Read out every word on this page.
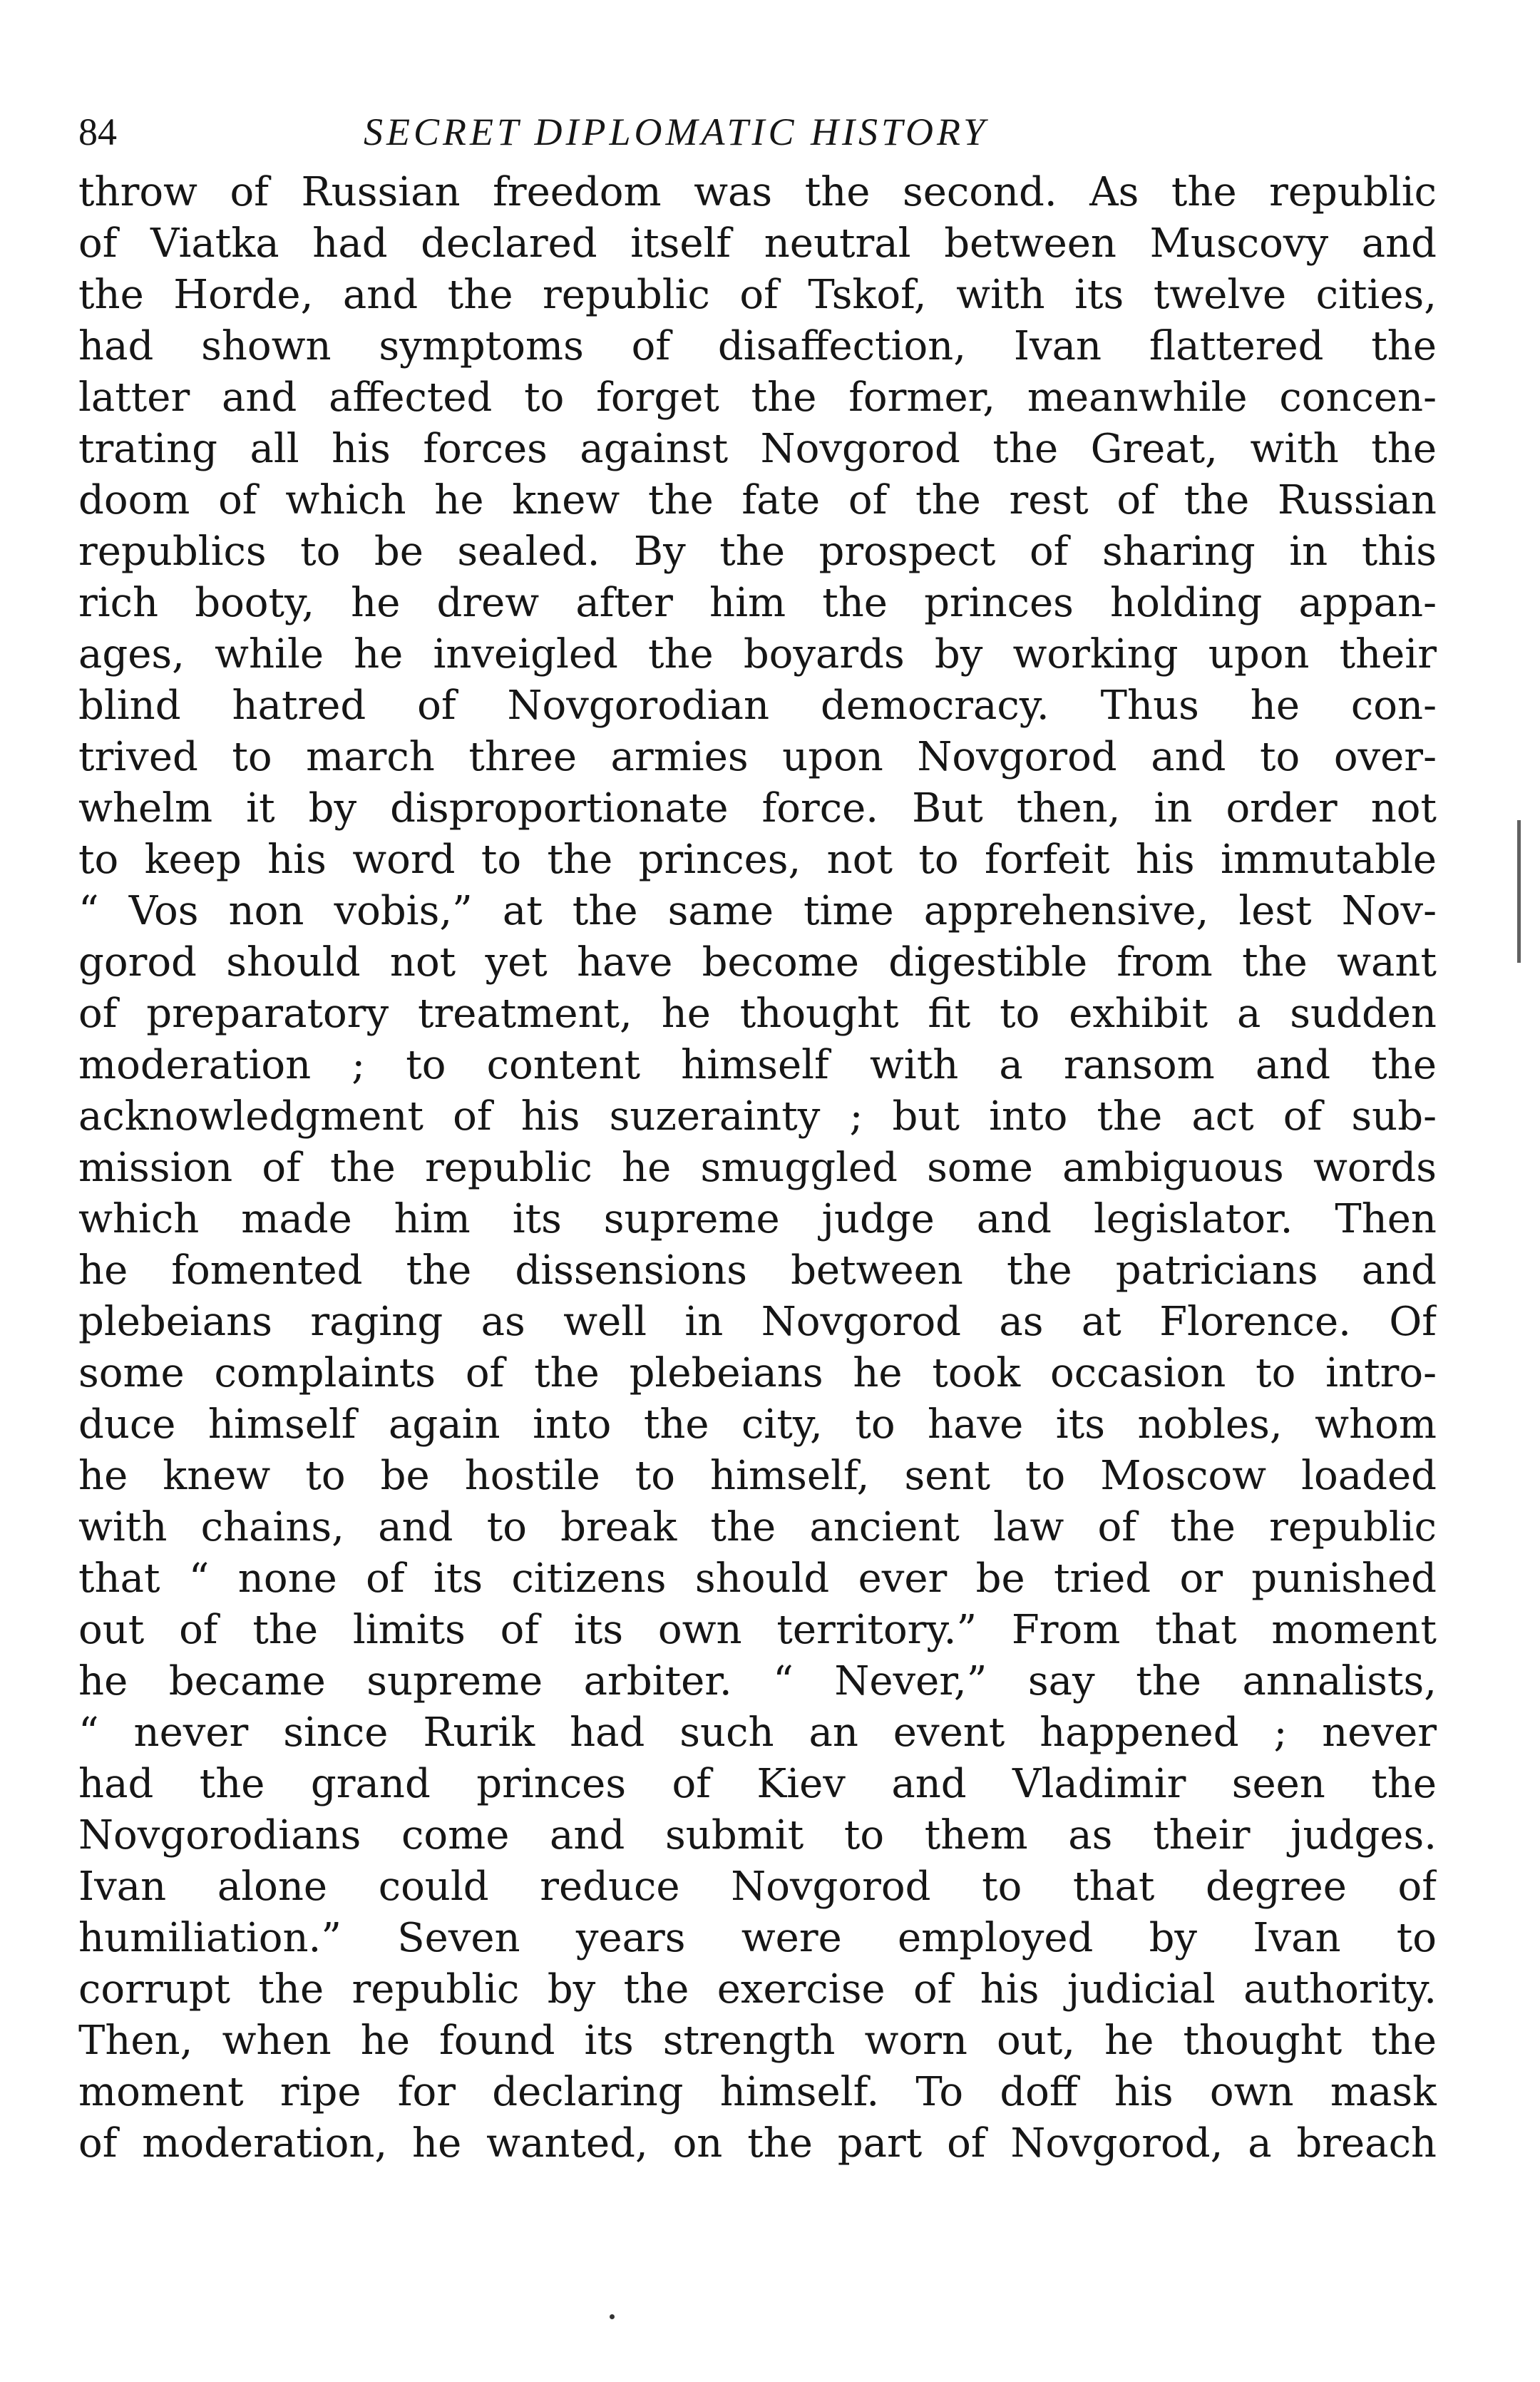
84	SECRET DIPLOMATIC HISTORY
throw of Russian freedom was the second. As the republic
of Viatka had declared itself neutral between Muscovy and
the Horde, and the republic of Tskof, with its twelve cities,
had shown symptoms of disaffection, Ivan flattered the
latter and affected to forget the former, meanwhile concen-
trating all his forces against Novgorod the Great, with the
doom of which he knew the fate of the rest of the Russian
republics to be sealed. By the prospect of sharing in this
rich booty, he drew after him the princes holding appan-
ages, while he inveigled the boyards by working upon their
blind hatred of Novgorodian democracy. Thus he con-
trived to march three armies upon Novgorod and to over-
whelm it by disproportionate force. But then, in order not
to keep his word to the princes, not to forfeit his immutable
“ Vos non vobis,” at the same time apprehensive, lest Nov-
gorod should not yet have become digestible from the want
of preparatory treatment, he thought fit to exhibit a sudden
moderation ; to content himself with a ransom and the
acknowledgment of his suzerainty ; but into the act of sub-
mission of the republic he smuggled some ambiguous words
which made him its supreme judge and legislator. Then
he fomented the dissensions between the patricians and
plebeians raging as well in Novgorod as at Florence. Of
some complaints of the plebeians he took occasion to intro-
duce himself again into the city, to have its nobles, whom
he knew to be hostile to himself, sent to Moscow loaded
with chains, and to break the ancient law of the republic
that “ none of its citizens should ever be tried or punished
out of the limits of its own territory.” From that moment
he became supreme arbiter. “ Never,” say the annalists,
“ never since Rurik had such an event happened ; never
had the grand princes of Kiev and Vladimir seen the
Novgorodians come and submit to them as their judges.
Ivan alone could reduce Novgorod to that degree of
humiliation.” Seven years were employed by Ivan to
corrupt the republic by the exercise of his judicial authority.
Then, when he found its strength worn out, he thought the
moment ripe for declaring himself. To doff his own mask
of moderation, he wanted, on the part of Novgorod, a breach
